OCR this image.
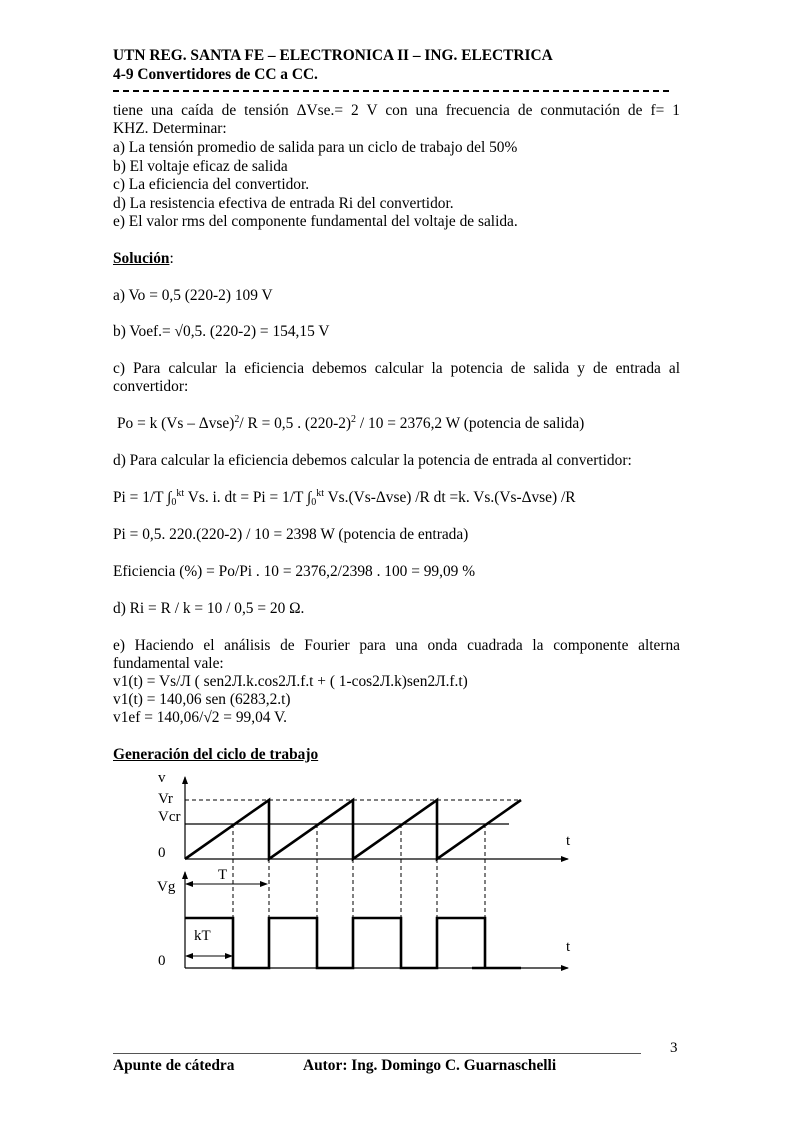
UTN REG. SANTA FE – ELECTRONICA II – ING. ELECTRICA
4-9 Convertidores de CC a CC.
tiene una caída de tensión ΔVse.= 2 V con una frecuencia de conmutación de f= 1
KHZ. Determinar:
a) La tensión promedio de salida para un ciclo de trabajo del 50%
b) El voltaje eficaz de salida
c) La eficiencia del convertidor.
d) La resistencia efectiva de entrada Ri del convertidor.
e) El valor rms del componente fundamental del voltaje de salida.
Solución:
a) Vo = 0,5 (220-2) 109 V
b) Voef.= √0,5. (220-2) = 154,15 V
c) Para calcular la eficiencia debemos calcular la potencia de salida y de entrada al
convertidor:
Po = k (Vs – Δvse)$^2$/ R = 0,5 . $(220-2)^2 / 10 = 2376,2$ W (potencia de salida)
d) Para calcular la eficiencia debemos calcular la potencia de entrada al convertidor:
Pi = 1/T $\int_0^{kt}$ Vs. i. dt = Pi = 1/T $\int_0^{kt}$ Vs.(Vs-Δvse) /R dt =k. Vs.(Vs-Δvse) /R
Pi = 0,5. 220.(220-2) / 10 = 2398 W (potencia de entrada)
Eficiencia (%) = Po/Pi . 10 = 2376,2/2398 . 100 = 99,09 %
d) Ri = R / k = 10 / 0,5 = 20 Ω.
e) Haciendo el análisis de Fourier para una onda cuadrada la componente alterna
fundamental vale:
v1(t) = Vs/Л ( sen2Л.k.cos2Л.f.t + ( 1-cos2Л.k)sen2Л.f.t)
v1(t) = 140,06 sen (6283,2.t)
v1ef = 140,06/√2 = 99,04 V.
Generación del ciclo de trabajo
v
Vr
Vcr
0
t
Vg
T
kT
0
t
3
Apunte de cátedra	Autor: Ing. Domingo C. Guarnaschelli
